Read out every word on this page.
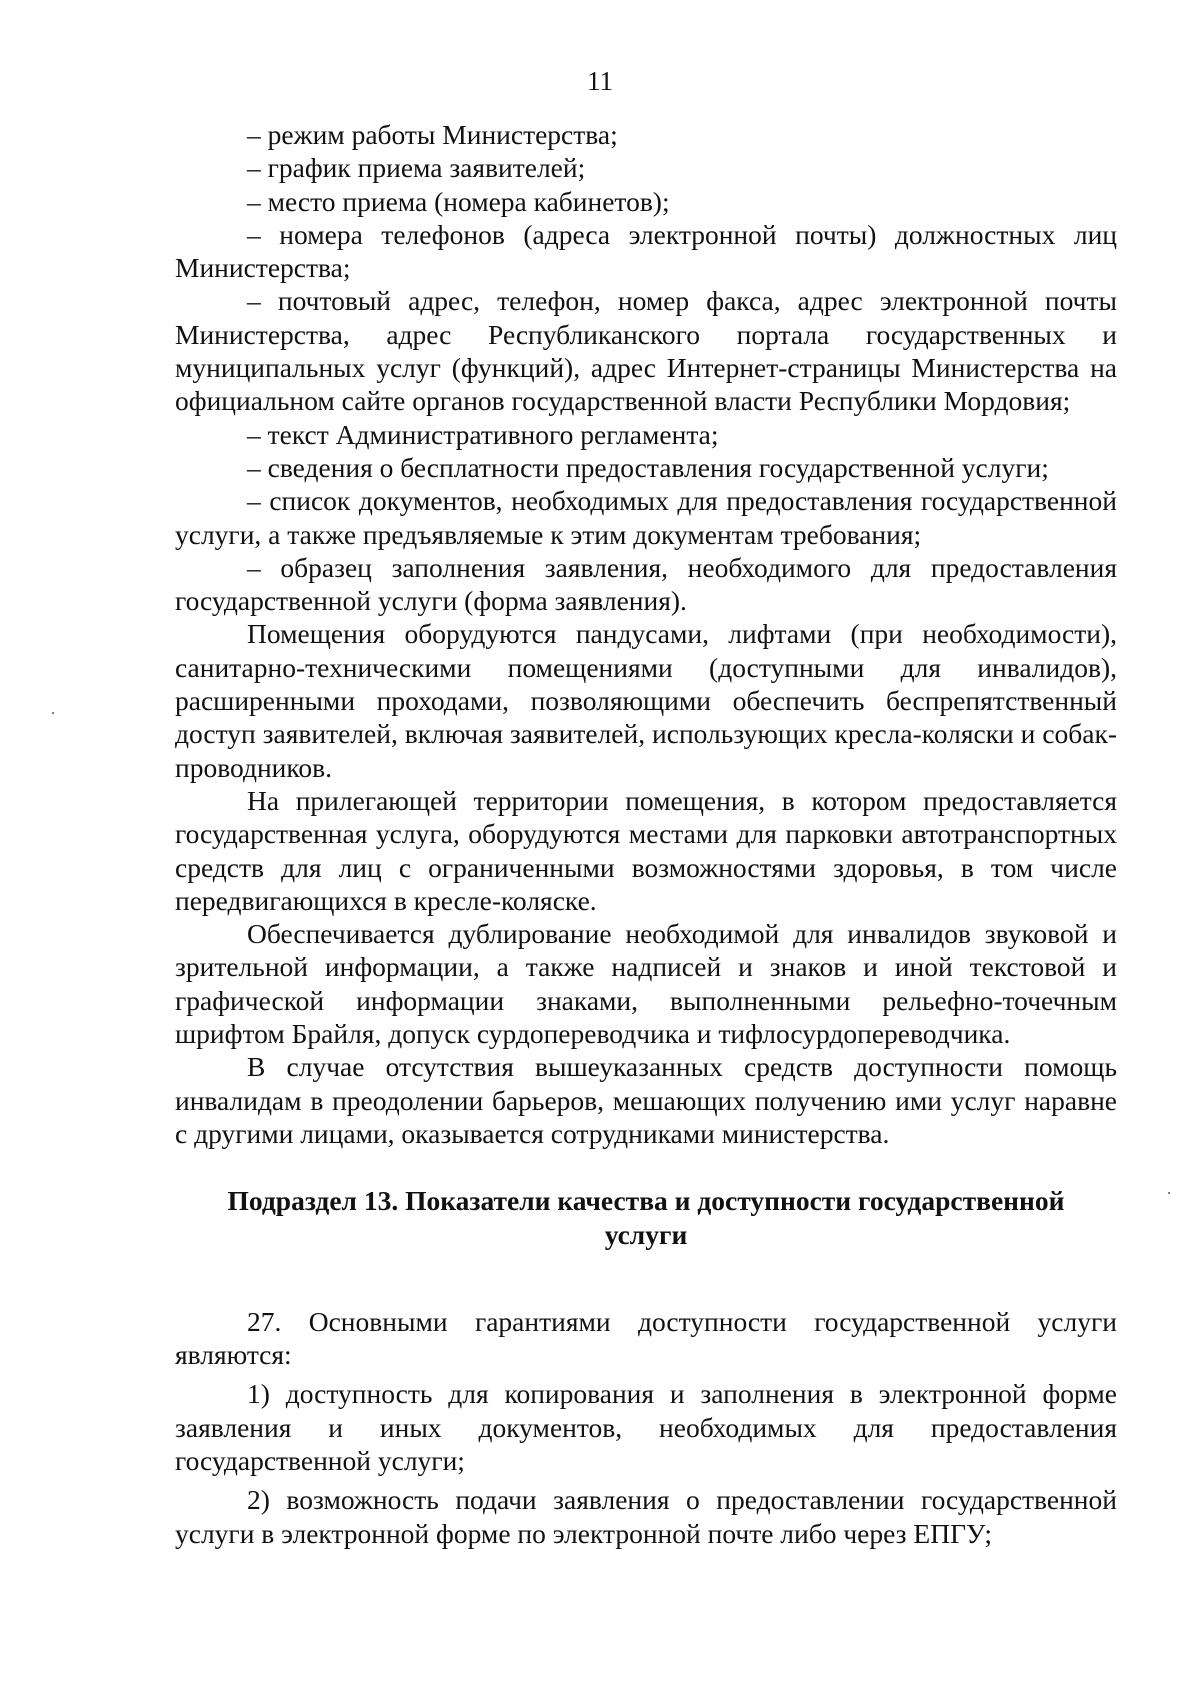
11

– режим работы Министерства;

– график приема заявителей;

– место приема (номера кабинетов);

– номера телефонов (адреса электронной почты) должностных лиц Министерства;

– почтовый адрес, телефон, номер факса, адрес электронной почты Министерства, адрес Республиканского портала государственных и муниципальных услуг (функций), адрес Интернет-страницы Министерства на официальном сайте органов государственной власти Республики Мордовия;

– текст Административного регламента;

– сведения о бесплатности предоставления государственной услуги;

– список документов, необходимых для предоставления государственной услуги, а также предъявляемые к этим документам требования;

– образец заполнения заявления, необходимого для предоставления государственной услуги (форма заявления).

Помещения оборудуются пандусами, лифтами (при необходимости), санитарно-техническими помещениями (доступными для инвалидов), расширенными проходами, позволяющими обеспечить беспрепятственный доступ заявителей, включая заявителей, использующих кресла-коляски и собак-проводников.

На прилегающей территории помещения, в котором предоставляется государственная услуга, оборудуются местами для парковки автотранспортных средств для лиц с ограниченными возможностями здоровья, в том числе передвигающихся в кресле-коляске.

Обеспечивается дублирование необходимой для инвалидов звуковой и зрительной информации, а также надписей и знаков и иной текстовой и графической информации знаками, выполненными рельефно-точечным шрифтом Брайля, допуск сурдопереводчика и тифлосурдопереводчика.

В случае отсутствия вышеуказанных средств доступности помощь инвалидам в преодолении барьеров, мешающих получению ими услуг наравне с другими лицами, оказывается сотрудниками министерства.

Подраздел 13. Показатели качества и доступности государственной услуги

27. Основными гарантиями доступности государственной услуги являются:

1) доступность для копирования и заполнения в электронной форме заявления и иных документов, необходимых для предоставления государственной услуги;

2) возможность подачи заявления о предоставлении государственной услуги в электронной форме по электронной почте либо через ЕПГУ;
